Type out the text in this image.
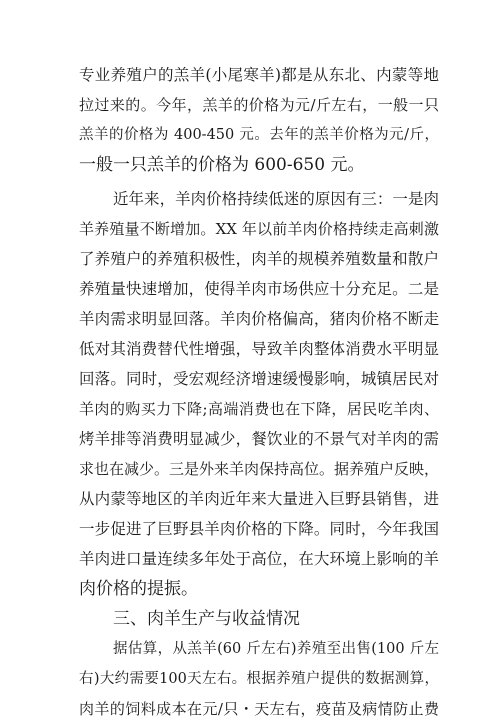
专业养殖户的羔羊(小尾寒羊)都是从东北、内蒙等地
拉过来的。今年，羔羊的价格为元/斤左右，一般一只
羔羊的价格为 400-450 元。去年的羔羊价格为元/斤，
一般一只羔羊的价格为 600-650 元。
近年来，羊肉价格持续低迷的原因有三：一是肉
羊养殖量不断增加。XX 年以前羊肉价格持续走高刺激
了养殖户的养殖积极性，肉羊的规模养殖数量和散户
养殖量快速增加，使得羊肉市场供应十分充足。二是
羊肉需求明显回落。羊肉价格偏高，猪肉价格不断走
低对其消费替代性增强，导致羊肉整体消费水平明显
回落。同时，受宏观经济增速缓慢影响，城镇居民对
羊肉的购买力下降;高端消费也在下降，居民吃羊肉、
烤羊排等消费明显减少，餐饮业的不景气对羊肉的需
求也在减少。三是外来羊肉保持高位。据养殖户反映，
从内蒙等地区的羊肉近年来大量进入巨野县销售，进
一步促进了巨野县羊肉价格的下降。同时，今年我国
羊肉进口量连续多年处于高位，在大环境上影响的羊
肉价格的提振。
三、肉羊生产与收益情况
据估算，从羔羊(60 斤左右)养殖至出售(100 斤左
右)大约需要100天左右。根据养殖户提供的数据测算，
肉羊的饲料成本在元/只・天左右，疫苗及病情防止费
